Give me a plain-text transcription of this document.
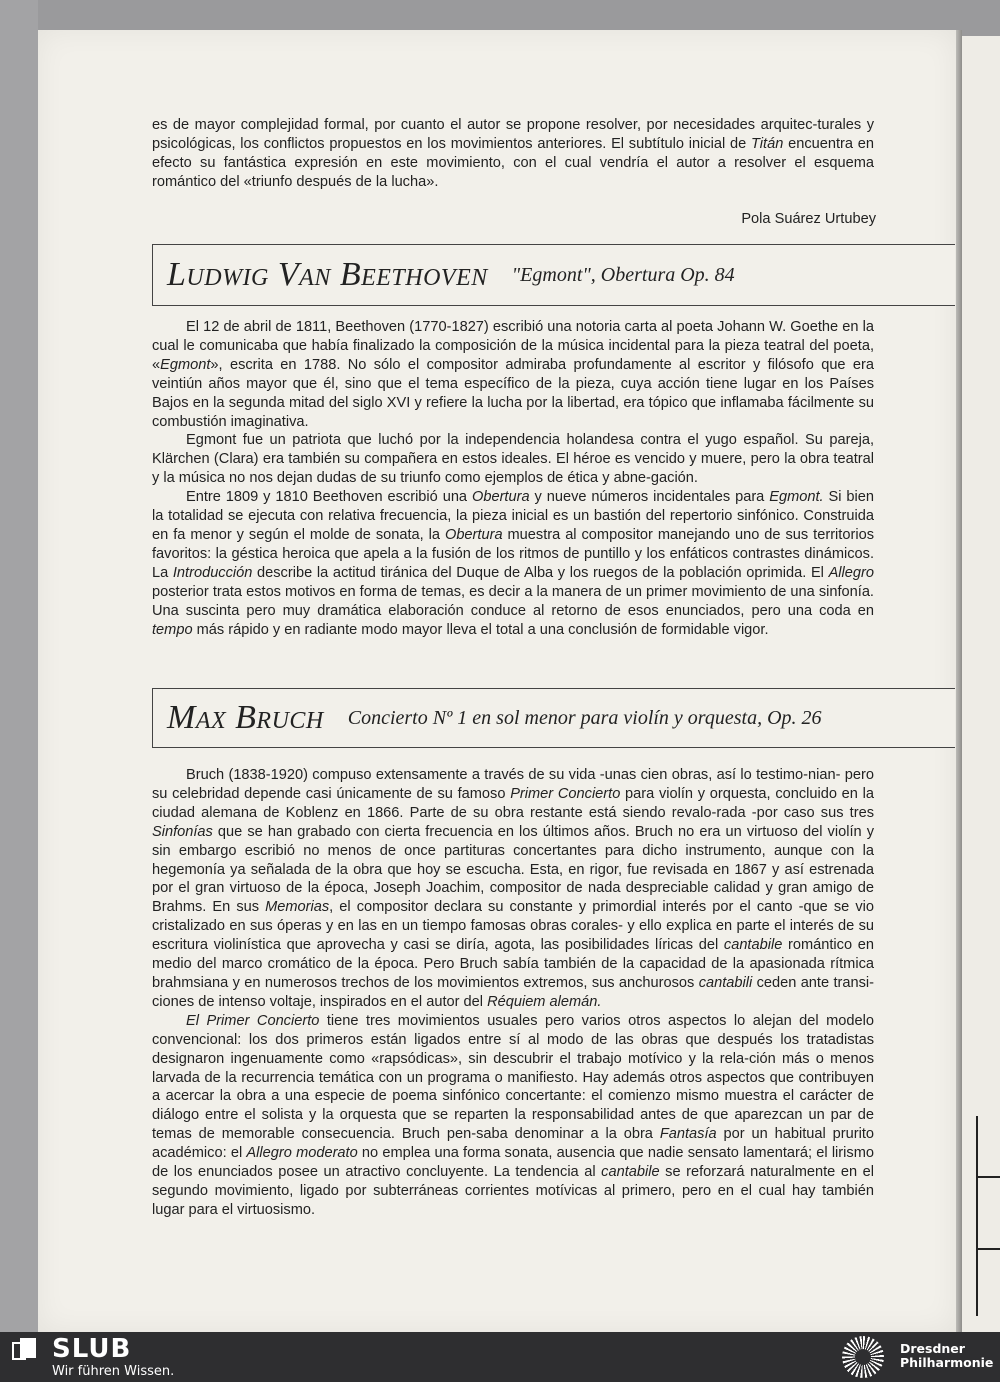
es de mayor complejidad formal, por cuanto el autor se propone resolver, por necesidades arquitec-turales y psicológicas, los conflictos propuestos en los movimientos anteriores. El subtítulo inicial de Titán encuentra en efecto su fantástica expresión en este movimiento, con el cual vendría el autor a resolver el esquema romántico del «triunfo después de la lucha».

Pola Suárez Urtubey
Ludwig Van Beethoven "Egmont", Obertura Op. 84

El 12 de abril de 1811, Beethoven (1770-1827) escribió una notoria carta al poeta Johann W. Goethe en la cual le comunicaba que había finalizado la composición de la música incidental para la pieza teatral del poeta, «Egmont», escrita en 1788. No sólo el compositor admiraba profundamente al escritor y filósofo que era veintiún años mayor que él, sino que el tema específico de la pieza, cuya acción tiene lugar en los Países Bajos en la segunda mitad del siglo XVI y refiere la lucha por la libertad, era tópico que inflamaba fácilmente su combustión imaginativa.

Egmont fue un patriota que luchó por la independencia holandesa contra el yugo español. Su pareja, Klärchen (Clara) era también su compañera en estos ideales. El héroe es vencido y muere, pero la obra teatral y la música no nos dejan dudas de su triunfo como ejemplos de ética y abne-gación.

Entre 1809 y 1810 Beethoven escribió una Obertura y nueve números incidentales para Egmont. Si bien la totalidad se ejecuta con relativa frecuencia, la pieza inicial es un bastión del repertorio sinfónico. Construida en fa menor y según el molde de sonata, la Obertura muestra al compositor manejando uno de sus territorios favoritos: la géstica heroica que apela a la fusión de los ritmos de puntillo y los enfáticos contrastes dinámicos. La Introducción describe la actitud tiránica del Duque de Alba y los ruegos de la población oprimida. El Allegro posterior trata estos motivos en forma de temas, es decir a la manera de un primer movimiento de una sinfonía. Una suscinta pero muy dramática elaboración conduce al retorno de esos enunciados, pero una coda en tempo más rápido y en radiante modo mayor lleva el total a una conclusión de formidable vigor.

Max Bruch Concierto Nº 1 en sol menor para violín y orquesta, Op. 26

Bruch (1838-1920) compuso extensamente a través de su vida -unas cien obras, así lo testimo-nian- pero su celebridad depende casi únicamente de su famoso Primer Concierto para violín y orquesta, concluido en la ciudad alemana de Koblenz en 1866. Parte de su obra restante está siendo revalo-rada -por caso sus tres Sinfonías que se han grabado con cierta frecuencia en los últimos años. Bruch no era un virtuoso del violín y sin embargo escribió no menos de once partituras concertantes para dicho instrumento, aunque con la hegemonía ya señalada de la obra que hoy se escucha. Esta, en rigor, fue revisada en 1867 y así estrenada por el gran virtuoso de la época, Joseph Joachim, compositor de nada despreciable calidad y gran amigo de Brahms. En sus Memorias, el compositor declara su constante y primordial interés por el canto -que se vio cristalizado en sus óperas y en las en un tiempo famosas obras corales- y ello explica en parte el interés de su escritura violinística que aprovecha y casi se diría, agota, las posibilidades líricas del cantabile romántico en medio del marco cromático de la época. Pero Bruch sabía también de la capacidad de la apasionada rítmica brahmsiana y en numerosos trechos de los movimientos extremos, sus anchurosos cantabili ceden ante transi-ciones de intenso voltaje, inspirados en el autor del Réquiem alemán.

El Primer Concierto tiene tres movimientos usuales pero varios otros aspectos lo alejan del modelo convencional: los dos primeros están ligados entre sí al modo de las obras que después los tratadistas designaron ingenuamente como «rapsódicas», sin descubrir el trabajo motívico y la rela-ción más o menos larvada de la recurrencia temática con un programa o manifiesto. Hay además otros aspectos que contribuyen a acercar la obra a una especie de poema sinfónico concertante: el comienzo mismo muestra el carácter de diálogo entre el solista y la orquesta que se reparten la responsabilidad antes de que aparezcan un par de temas de memorable consecuencia. Bruch pen-saba denominar a la obra Fantasía por un habitual prurito académico: el Allegro moderato no emplea una forma sonata, ausencia que nadie sensato lamentará; el lirismo de los enunciados posee un atractivo concluyente. La tendencia al cantabile se reforzará naturalmente en el segundo movimiento, ligado por subterráneas corrientes motívicas al primero, pero en el cual hay también lugar para el virtuosismo.

SLUB
Wir führen Wissen.
Dresdner
Philharmonie
